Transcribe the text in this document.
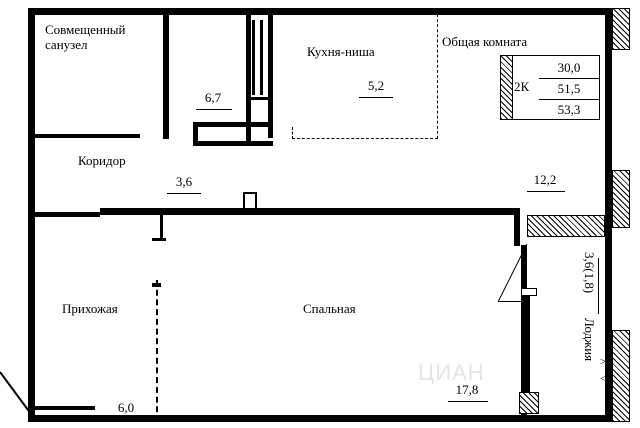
>
<
Совмещенный
санузел
6,7
Кухня-ниша
5,2
Общая комната
12,2
Коридор
3,6
Прихожая
6,0
Спальная
17,8
Лоджия
3,6(1,8)
2К
30,0
51,5
53,3
ЦИАН
